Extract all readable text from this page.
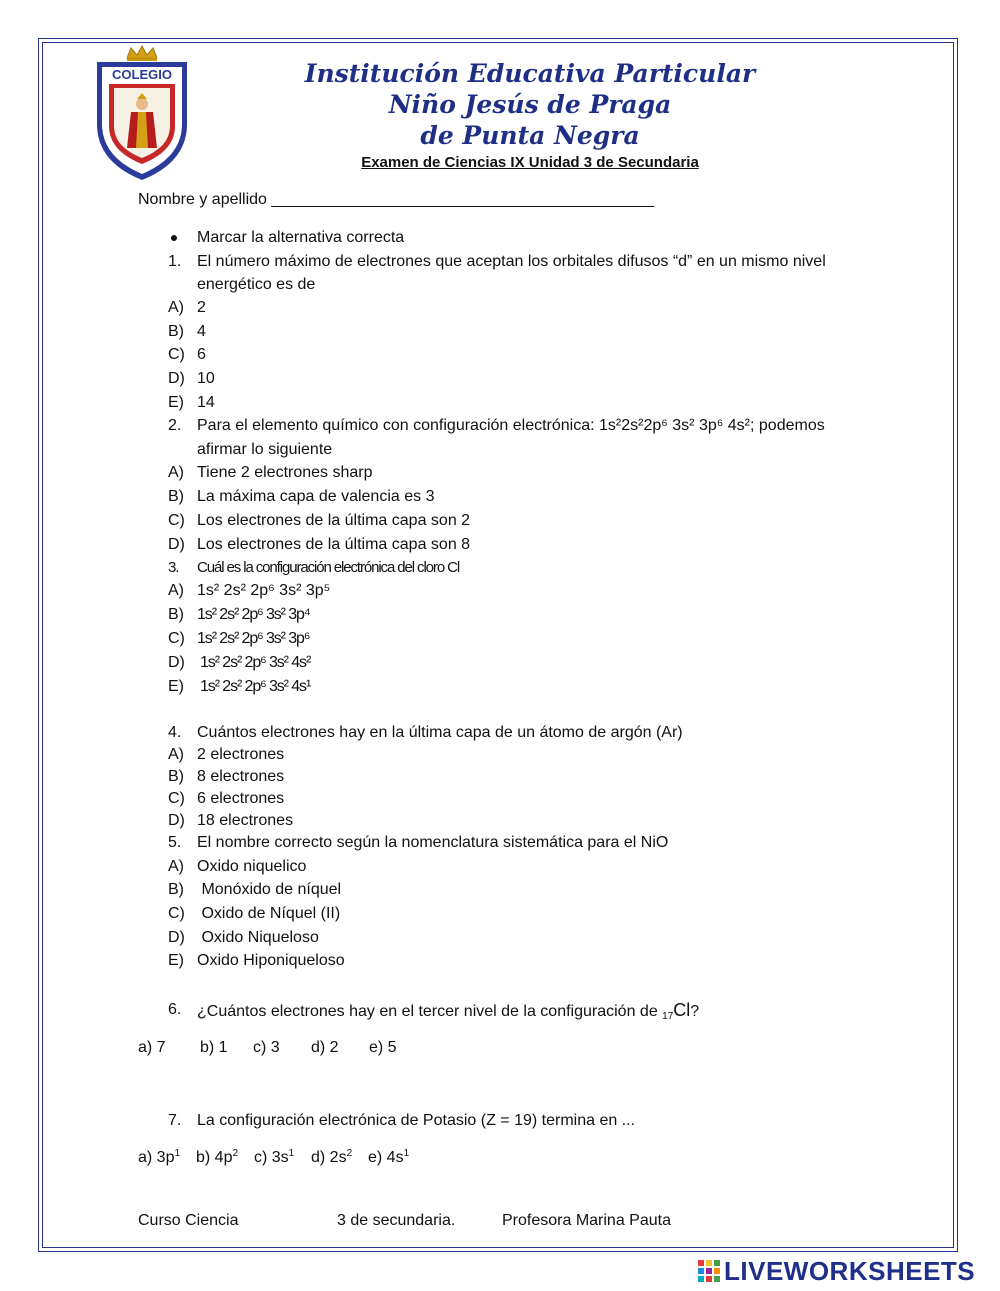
COLEGIO	Institución Educativa Particular
Niño Jesús de Praga
de Punta Negra
Examen de Ciencias IX Unidad 3 de Secundaria
Nombre y apellido ___________________________________________
Marcar la alternativa correcta
1. El número máximo de electrones que aceptan los orbitales difusos “d” en un mismo nivel
energético es de
A) 2
B) 4
C) 6
D) 10
E) 14
2. Para el elemento químico con configuración electrónica: 1s²2s²2p⁶ 3s² 3p⁶ 4s²; podemos
afirmar lo siguiente
A) Tiene 2 electrones sharp
B) La máxima capa de valencia es 3
C) Los electrones de la última capa son 2
D) Los electrones de la última capa son 8
3. Cuál es la configuración electrónica del cloro Cl
A) 1s² 2s² 2p⁶ 3s² 3p⁵
B) 1s² 2s² 2p⁶ 3s² 3p⁴
C) 1s² 2s² 2p⁶ 3s² 3p⁶
D) 1s² 2s² 2p⁶ 3s² 4s²
E) 1s² 2s² 2p⁶ 3s² 4s¹
4. Cuántos electrones hay en la última capa de un átomo de argón (Ar)
A) 2 electrones
B) 8 electrones
C) 6 electrones
D) 18 electrones
5. El nombre correcto según la nomenclatura sistemática para el NiO
A) Oxido niquelico
B) Monóxido de níquel
C) Oxido de Níquel (II)
D) Oxido Niqueloso
E) Oxido Hiponiqueloso
6. ¿Cuántos electrones hay en el tercer nivel de la configuración de $_{17}$Cl?
a) 7 b) 1 c) 3 d) 2 e) 5
7. La configuración electrónica de Potasio (Z = 19) termina en ...
a) $3p^1$ b) $4p^2$ c) $3s^1$ d) $2s^2$ e) $4s^1$
Curso Ciencia	3 de secundaria.	Profesora Marina Pauta
LIVEWORKSHEETS
